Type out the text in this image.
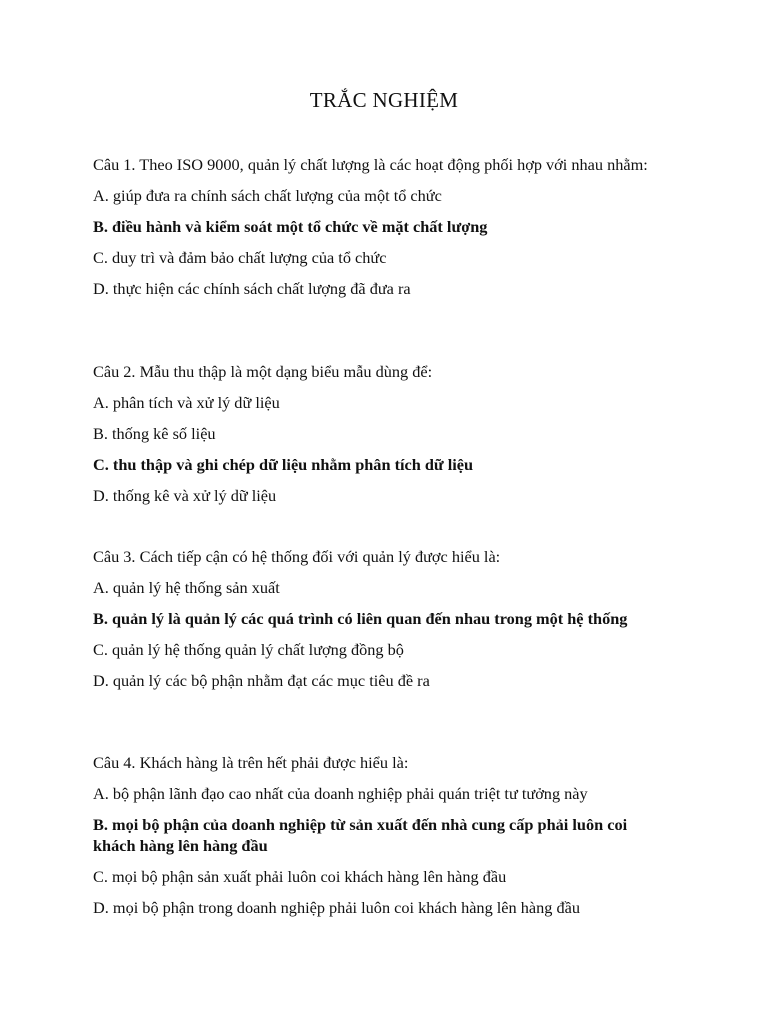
TRẮC NGHIỆM

Câu 1. Theo ISO 9000, quản lý chất lượng là các hoạt động phối hợp với nhau nhằm:

A. giúp đưa ra chính sách chất lượng của một tổ chức

B. điều hành và kiểm soát một tổ chức về mặt chất lượng

C. duy trì và đảm bảo chất lượng của tổ chức

D. thực hiện các chính sách chất lượng đã đưa ra

Câu 2. Mẫu thu thập là một dạng biểu mẫu dùng để:

A. phân tích và xử lý dữ liệu

B. thống kê số liệu

C. thu thập và ghi chép dữ liệu nhằm phân tích dữ liệu

D. thống kê và xử lý dữ liệu

Câu 3. Cách tiếp cận có hệ thống đối với quản lý được hiểu là:

A. quản lý hệ thống sản xuất

B. quản lý là quản lý các quá trình có liên quan đến nhau trong một hệ thống

C. quản lý hệ thống quản lý chất lượng đồng bộ

D. quản lý các bộ phận nhằm đạt các mục tiêu đề ra

Câu 4. Khách hàng là trên hết phải được hiểu là:

A. bộ phận lãnh đạo cao nhất của doanh nghiệp phải quán triệt tư tưởng này

B. mọi bộ phận của doanh nghiệp từ sản xuất đến nhà cung cấp phải luôn coi khách hàng lên hàng đầu

C. mọi bộ phận sản xuất phải luôn coi khách hàng lên hàng đầu

D. mọi bộ phận trong doanh nghiệp phải luôn coi khách hàng lên hàng đầu
